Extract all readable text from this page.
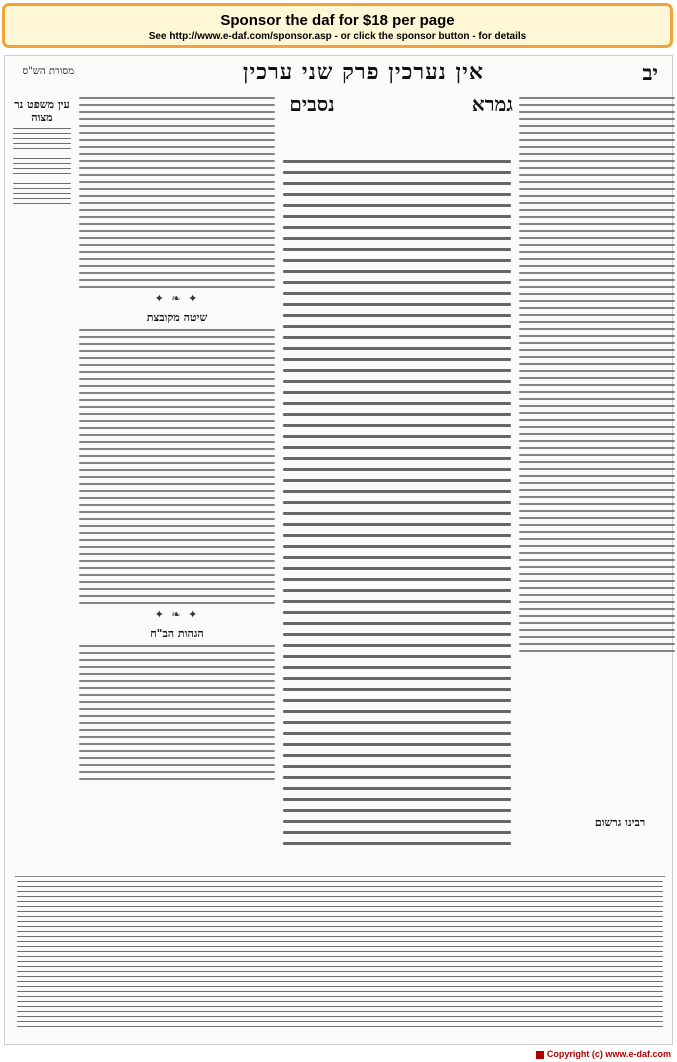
Sponsor the daf for $18 per page
See http://www.e-daf.com/sponsor.asp - or click the sponsor button - for details
יב
אין נערכין פרק שני ערכין
מסורת הש"ס
עין משפט נר מצוה
✦ ❧ ✦
שיטה מקובצת
✦ ❧ ✦
הגהות הב"ח
נסבים	גמרא
רבינו גרשום
Copyright (c) www.e-daf.com
